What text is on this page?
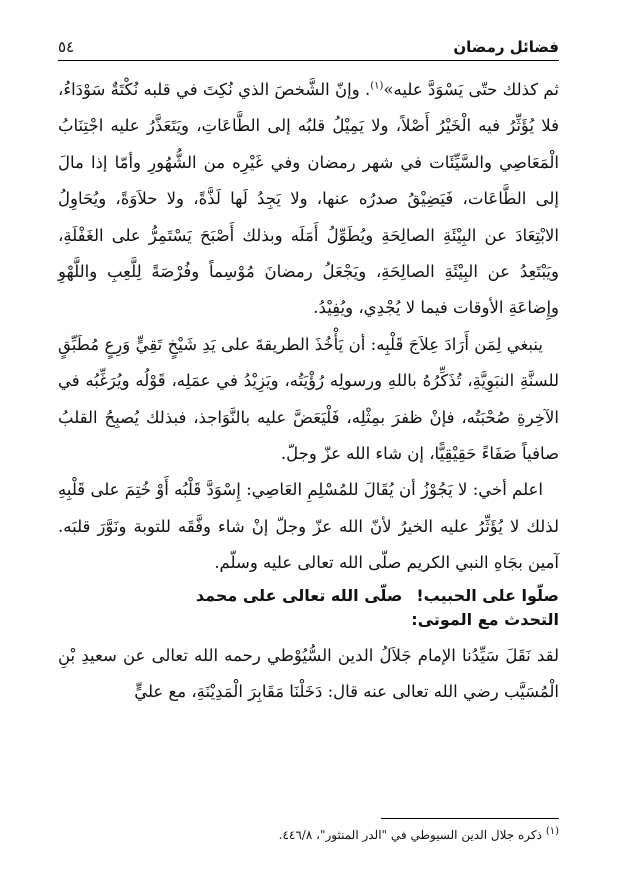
فضائل رمضان
٥٤

ثم كذلك حتّى يَسْوَدَّ عليه»$^{(١)}$. وإنّ الشَّخصَ الذي نُكِتَ في قلبه نُكْتَةٌ سَوْدَاءُ، فلا يُؤَثِّرُ فيه الْخَيْرُ أَصْلاً، ولا يَمِيْلُ قلبُه إلى الطَّاعَاتِ، ويَتَعَذَّرُ عليه اجْتِنَابُ الْمَعَاصِي والسَّيِّئَات في شهر رمضان وفي غَيْرِه من الشُّهُورِ وأمّا إذا مالَ إلى الطَّاعَات، فَيَضِيْقُ صدرُه عنها، ولا يَجِدُ لَها لَذَّةً، ولا حلاَوَةً، ويُحَاوِلُ الابْتِعَادَ عن البِيْئَةِ الصالِحَةِ ويُطَوِّلُ أَمَلَه وبذلك أَصْبَحَ يَسْتَمِرُّ على الغَفْلَةِ، ويَبْتَعِدُ عن البِيْئَةِ الصالِحَةِ، ويَجْعَلُ رمضانَ مُوْسِماً وفُرْصَةً لِلَّعِبِ واللَّهْوِ وإِضاعَةِ الأوقات فيما لا يُجْدِي، ويُفِيْدُ.

ينبغي لِمَن أَرَادَ عِلاَجَ قَلْبِه: أن يَأْخُذَ الطريقةَ على يَدِ شَيْخٍ تَقِيٍّ وَرِعٍ مُطَبِّقٍ للسنَّةِ النبَوِيَّةِ، تُذَكِّرُهُ باللهِ ورسولِه رُؤْيَتُه، ويَزِيْدُ في عمَلِه، قَوْلُه ويُرَغِّبُه في الآخِرةِ صُحْبَتُه، فإنْ ظفرَ بمِثْلِه، فَلْيَعَضَّ عليه بالنَّوَاجذ، فبذلك يُصبِحُ القلبُ صافياً صَفَاءً حَقِيْقِيًّا، إن شاء الله عزّ وجلّ.

اعلم أخي: لا يَجُوْزُ أن يُقَالَ للمُسْلِمِ العَاصِي: إِسْوَدَّ قَلْبُه أَوْ خُتِمَ على قَلْبِهِ لذلك لا يُؤَثِّرُ عليه الخيرُ لأنّ الله عزّ وجلّ إنْ شاء وفَّقَه للتوبة ونَوَّرَ قلبَه. آمين بجَاهِ النبي الكريم صلّى الله تعالى عليه وسلّم.

صلّوا على الحبيب!
صلّى الله تعالى على محمد
التحدث مع الموتى:

لقد نَقَلَ سَيِّدُنا الإمام جَلاَلُ الدين السُّيُوْطي رحمه الله تعالى عن سعيدِ بْنِ الْمُسَيَّب رضي الله تعالى عنه قال: دَخَلْنَا مَقَابِرَ الْمَدِيْنَةِ، مع عليٍّ

$^{(١)}$ ذكره جلال الدين السيوطي في "الدر المنثور"، ٤٤٦/٨.
